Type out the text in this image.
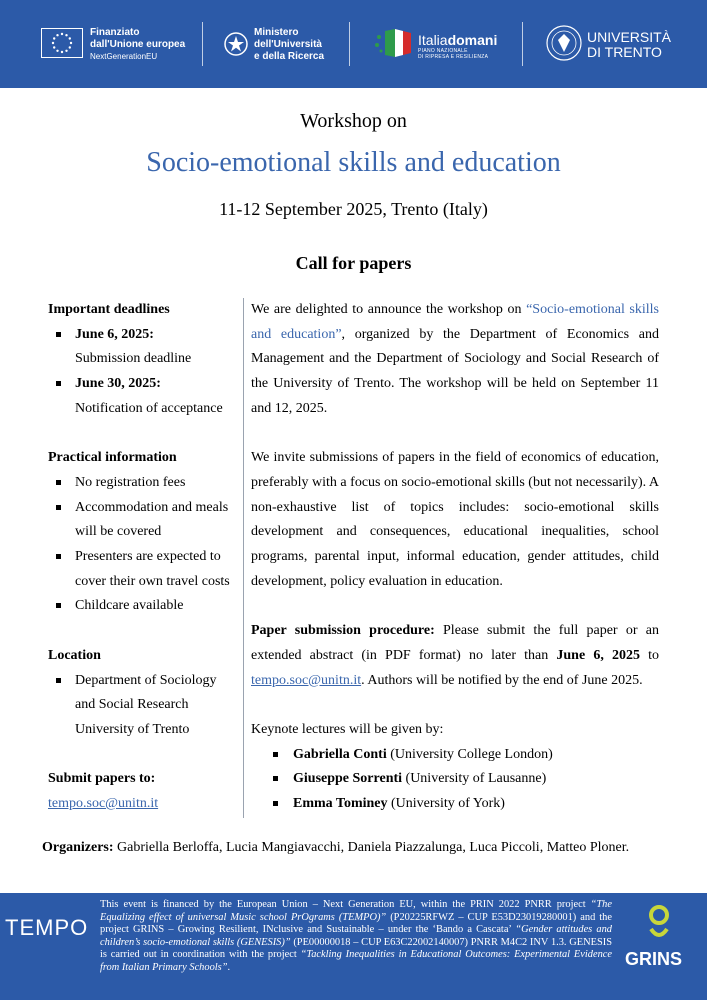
Finanziato
dall'Unione europea
NextGenerationEU
Ministero
dell'Università
e della Ricerca
Italiadomani
PIANO NAZIONALE
DI RIPRESA E RESILIENZA
UNIVERSITÀ
DI TRENTO
Workshop on
Socio-emotional skills and education
11-12 September 2025, Trento (Italy)
Call for papers
Important deadlines
June 6, 2025:
Submission deadline
June 30, 2025:
Notification of acceptance
Practical information
No registration fees
Accommodation and meals
will be covered
Presenters are expected to
cover their own travel costs
Childcare available
Location
Department of Sociology
and Social Research
University of Trento
Submit papers to:
tempo.soc@unitn.it
We are delighted to announce the workshop on “Socio-emotional skills and education”, organized by the Department of Economics and Management and the Department of Sociology and Social Research of the University of Trento. The workshop will be held on September 11 and 12, 2025.
We invite submissions of papers in the field of economics of education, preferably with a focus on socio-emotional skills (but not necessarily). A non-exhaustive list of topics includes: socio-emotional skills development and consequences, educational inequalities, school programs, parental input, informal education, gender attitudes, child development, policy evaluation in education.
Paper submission procedure: Please submit the full paper or an extended abstract (in PDF format) no later than June 6, 2025 to tempo.soc@unitn.it. Authors will be notified by the end of June 2025.
Keynote lectures will be given by:
Gabriella Conti (University College London)
Giuseppe Sorrenti (University of Lausanne)
Emma Tominey (University of York)
Organizers: Gabriella Berloffa, Lucia Mangiavacchi, Daniela Piazzalunga, Luca Piccoli, Matteo Ploner.
TEMPO
This event is financed by the European Union – Next Generation EU, within the PRIN 2022 PNRR project “The Equalizing effect of universal Music school PrOgrams (TEMPO)” (P20225RFWZ – CUP E53D23019280001) and the project GRINS – Growing Resilient, INclusive and Sustainable – under the ‘Bando a Cascata’ “Gender attitudes and children’s socio-emotional skills (GENESIS)” (PE00000018 – CUP E63C22002140007) PNRR M4C2 INV 1.3. GENESIS is carried out in coordination with the project “Tackling Inequalities in Educational Outcomes: Experimental Evidence from Italian Primary Schools”.	GRINS
